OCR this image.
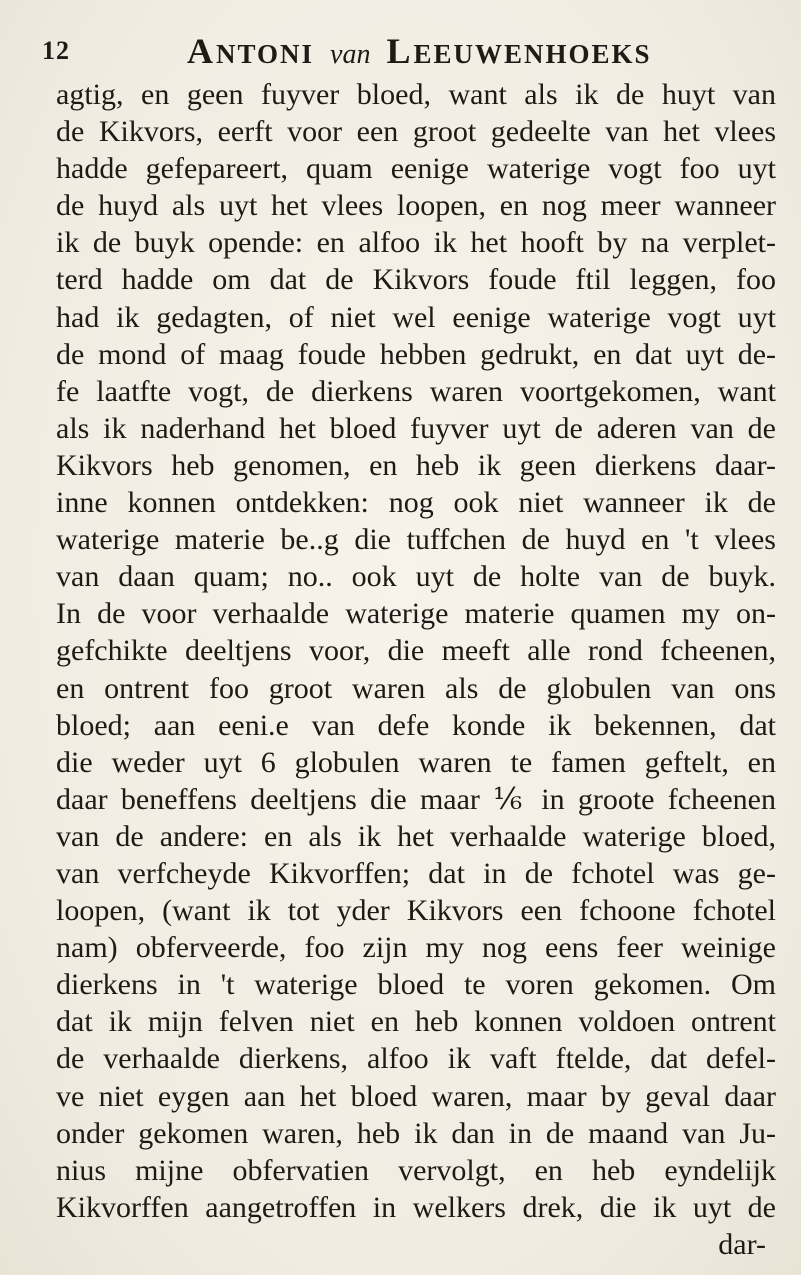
12	ANTONI van LEEUWENHOEKS
agtig, en geen fuyver bloed, want als ik de huyt van
de Kikvors, eerft voor een groot gedeelte van het vlees
hadde gefepareert, quam eenige waterige vogt foo uyt
de huyd als uyt het vlees loopen, en nog meer wanneer
ik de buyk opende: en alfoo ik het hooft by na verplet-
terd hadde om dat de Kikvors foude ftil leggen, foo
had ik gedagten, of niet wel eenige waterige vogt uyt
de mond of maag foude hebben gedrukt, en dat uyt de-
fe laatfte vogt, de dierkens waren voortgekomen, want
als ik naderhand het bloed fuyver uyt de aderen van de
Kikvors heb genomen, en heb ik geen dierkens daar-
inne konnen ontdekken: nog ook niet wanneer ik de
waterige materie be..g die tuffchen de huyd en 't vlees
van daan quam; no.. ook uyt de holte van de buyk.
In de voor verhaalde waterige materie quamen my on-
gefchikte deeltjens voor, die meeft alle rond fcheenen,
en ontrent foo groot waren als de globulen van ons
bloed; aan eeni.e van defe konde ik bekennen, dat
die weder uyt 6 globulen waren te famen geftelt, en
daar beneffens deeltjens die maar ⅙ in groote fcheenen
van de andere: en als ik het verhaalde waterige bloed,
van verfcheyde Kikvorffen; dat in de fchotel was ge-
loopen, (want ik tot yder Kikvors een fchoone fchotel
nam) obferveerde, foo zijn my nog eens feer weinige
dierkens in 't waterige bloed te voren gekomen. Om
dat ik mijn felven niet en heb konnen voldoen ontrent
de verhaalde dierkens, alfoo ik vaft ftelde, dat defel-
ve niet eygen aan het bloed waren, maar by geval daar
onder gekomen waren, heb ik dan in de maand van Ju-
nius mijne obfervatien vervolgt, en heb eyndelijk
Kikvorffen aangetroffen in welkers drek, die ik uyt de
dar-
